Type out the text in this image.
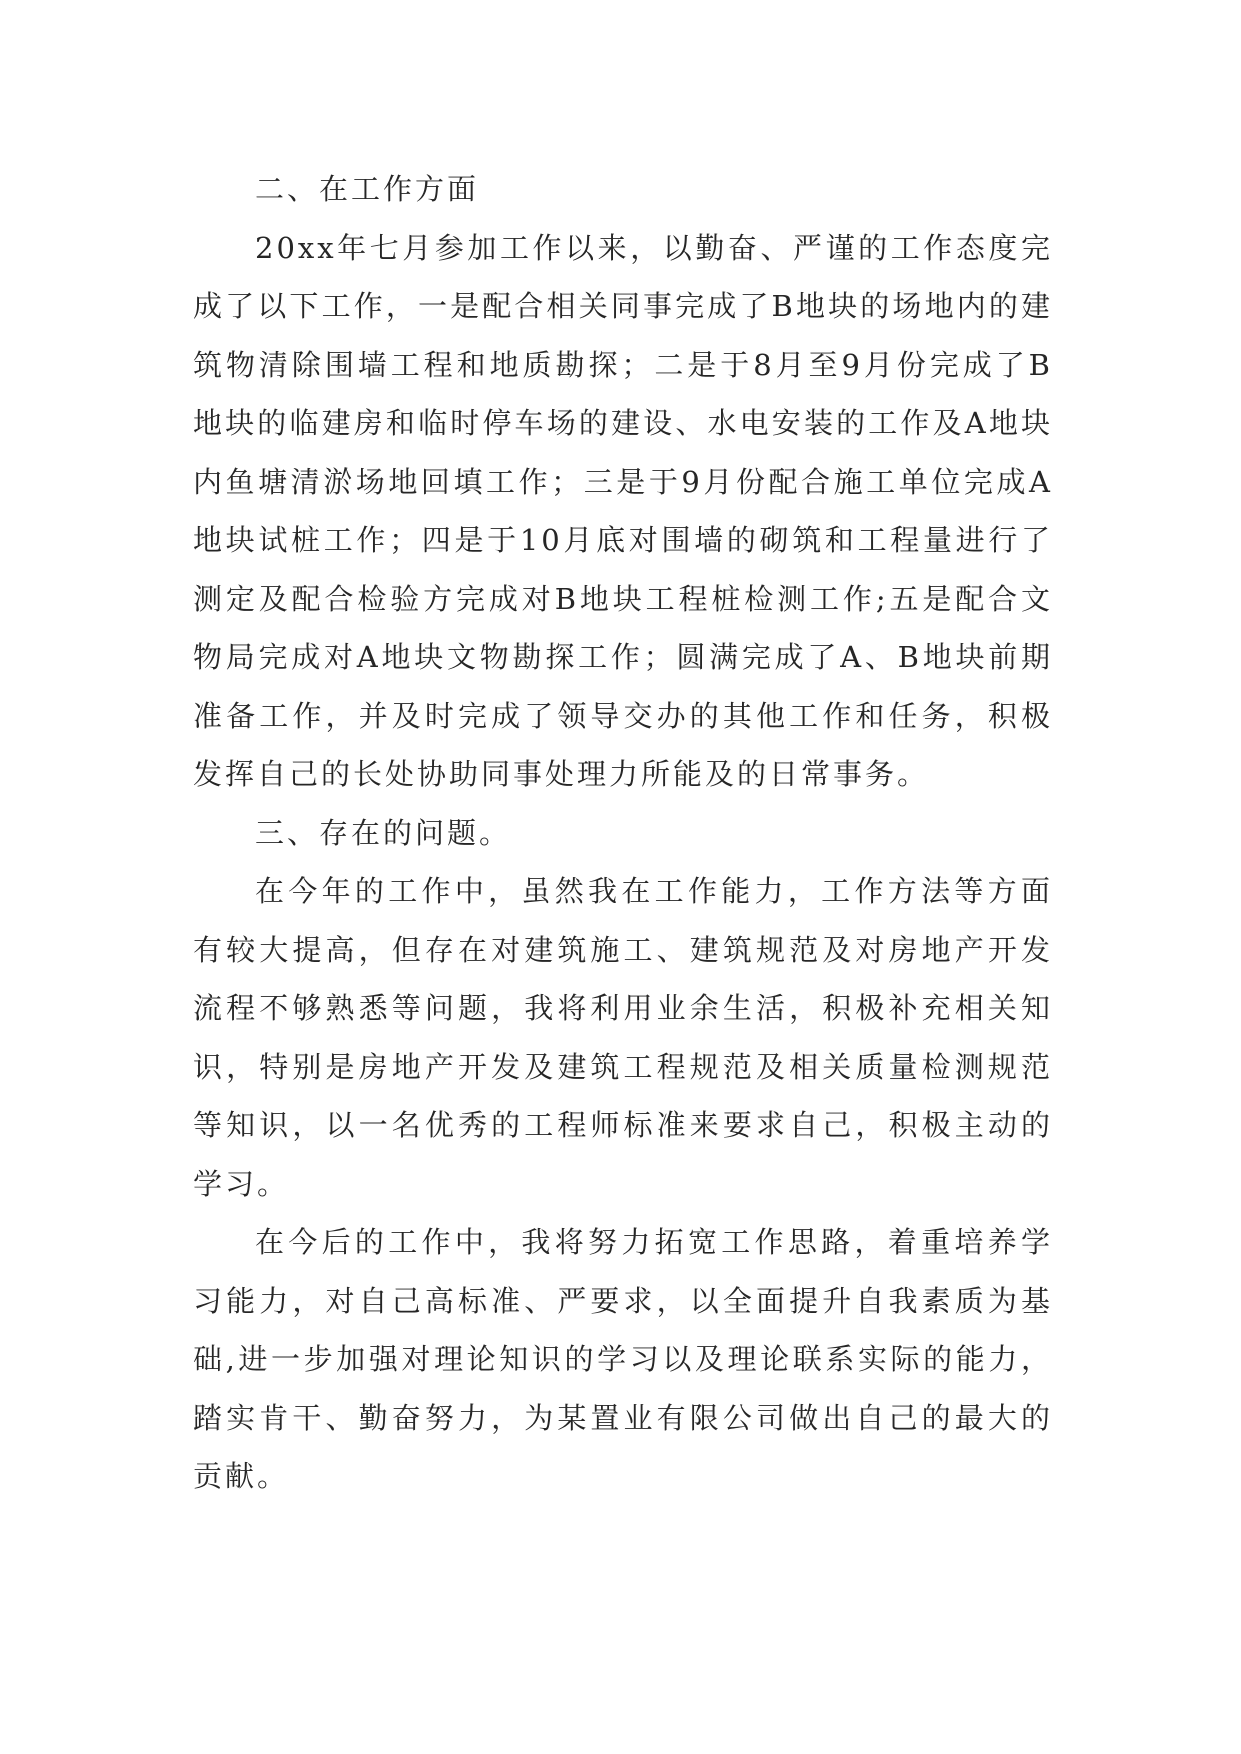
二、在工作方面

20xx年七月参加工作以来，以勤奋、严谨的工作态度完成了以下工作，一是配合相关同事完成了B地块的场地内的建筑物清除围墙工程和地质勘探；二是于8月至9月份完成了B地块的临建房和临时停车场的建设、水电安装的工作及A地块内鱼塘清淤场地回填工作；三是于9月份配合施工单位完成A地块试桩工作；四是于10月底对围墙的砌筑和工程量进行了测定及配合检验方完成对B地块工程桩检测工作;五是配合文物局完成对A地块文物勘探工作；圆满完成了A、B地块前期准备工作，并及时完成了领导交办的其他工作和任务，积极发挥自己的长处协助同事处理力所能及的日常事务。

三、存在的问题。

在今年的工作中，虽然我在工作能力，工作方法等方面有较大提高，但存在对建筑施工、建筑规范及对房地产开发流程不够熟悉等问题，我将利用业余生活，积极补充相关知识，特别是房地产开发及建筑工程规范及相关质量检测规范等知识，以一名优秀的工程师标准来要求自己，积极主动的学习。

在今后的工作中，我将努力拓宽工作思路，着重培养学习能力，对自己高标准、严要求，以全面提升自我素质为基础,进一步加强对理论知识的学习以及理论联系实际的能力，踏实肯干、勤奋努力，为某置业有限公司做出自己的最大的贡献。
